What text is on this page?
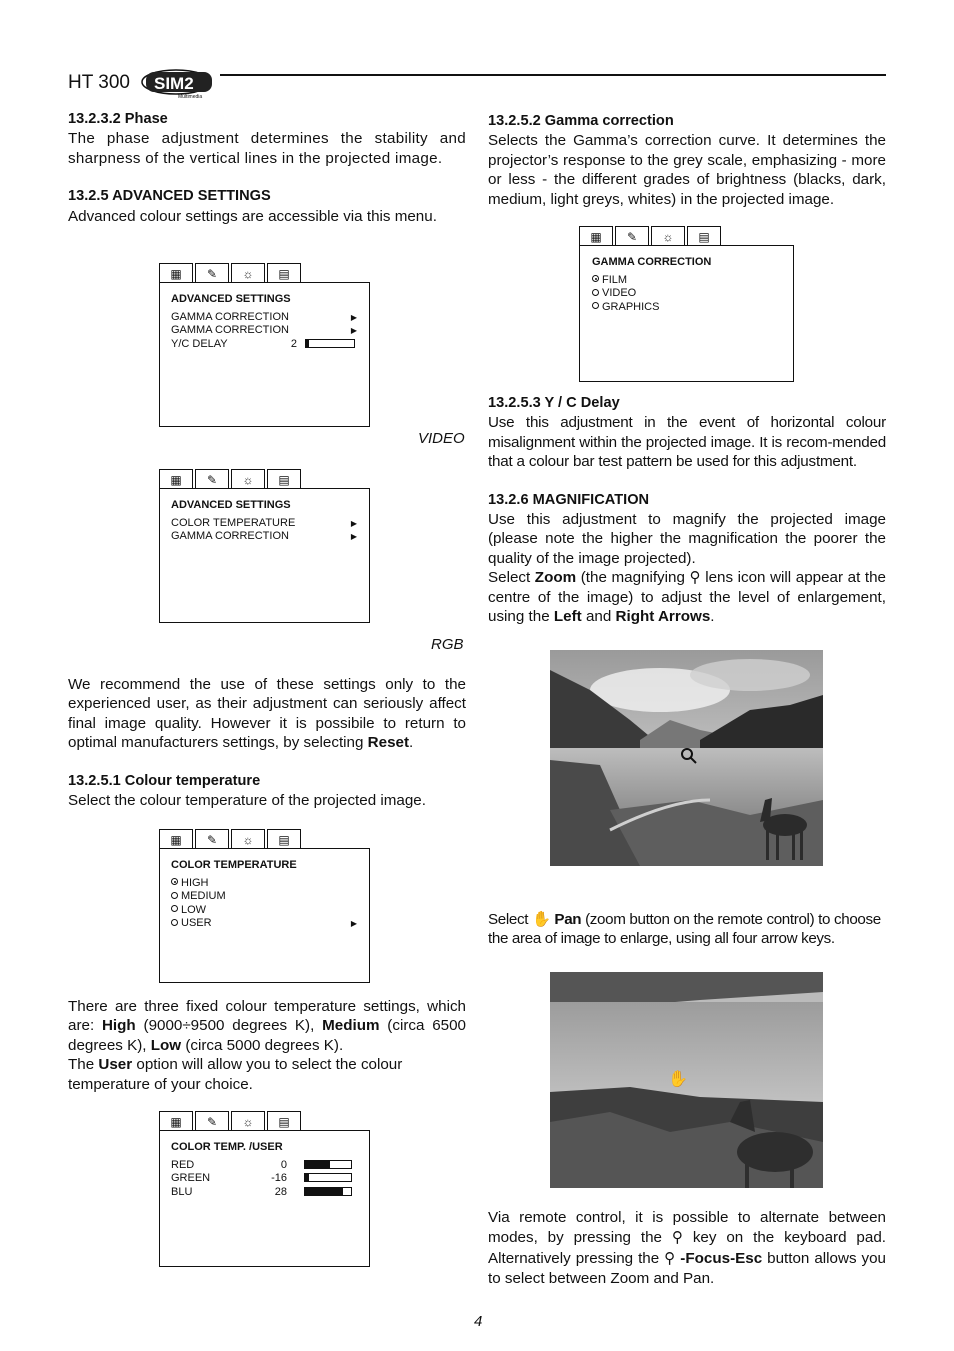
HT 300 SIM2
Multimedia

13.2.3.2 Phase

The phase adjustment determines the stability and sharpness of the vertical lines in the projected image.

13.2.5 ADVANCED SETTINGS

Advanced colour settings are accessible via this menu.

▦	✎	☼	▤
ADVANCED SETTINGS
GAMMA CORRECTION	▶
GAMMA CORRECTION	▶
Y/C DELAY	2
VIDEO
▦	✎	☼	▤
ADVANCED SETTINGS
COLOR TEMPERATURE	▶
GAMMA CORRECTION	▶
RGB

We recommend the use of these settings only to the experienced user, as their adjustment can seriously affect final image quality. However it is possibile to return to optimal manufacturers settings, by selecting Reset.

13.2.5.1 Colour temperature

Select the colour temperature of the projected image.

▦	✎	☼	▤
COLOR TEMPERATURE
HIGH
MEDIUM
LOW
USER	▶

There are three fixed colour temperature settings, which are: High (9000÷9500 degrees K), Medium (circa 6500 degrees K), Low (circa 5000 degrees K).

The User option will allow you to select the colour temperature of your choice.

▦	✎	☼	▤
COLOR TEMP. /USER
RED	0
GREEN	-16
BLU	28

13.2.5.2 Gamma correction

Selects the Gamma’s correction curve. It determines the projector’s response to the grey scale, emphasizing - more or less - the different grades of brightness (blacks, dark, medium, light greys, whites) in the projected image.

▦	✎	☼	▤
GAMMA CORRECTION
FILM
VIDEO
GRAPHICS

13.2.5.3 Y / C Delay

Use this adjustment in the event of horizontal colour misalignment within the projected image. It is recom-mended that a colour bar test pattern be used for this adjustment.

13.2.6 MAGNIFICATION

Use this adjustment to magnify the projected image (please note the higher the magnification the poorer the quality of the image projected).

Select Zoom (the magnifying ⚲ lens icon will appear at the centre of the image) to adjust the level of enlargement, using the Left and Right Arrows.

Select ✋ Pan (zoom button on the remote control) to choose the area of image to enlarge, using all four arrow keys.

✋

Via remote control, it is possible to alternate between modes, by pressing the ⚲ key on the keyboard pad. Alternatively pressing the ⚲ -Focus-Esc button allows you to select between Zoom and Pan.

4
